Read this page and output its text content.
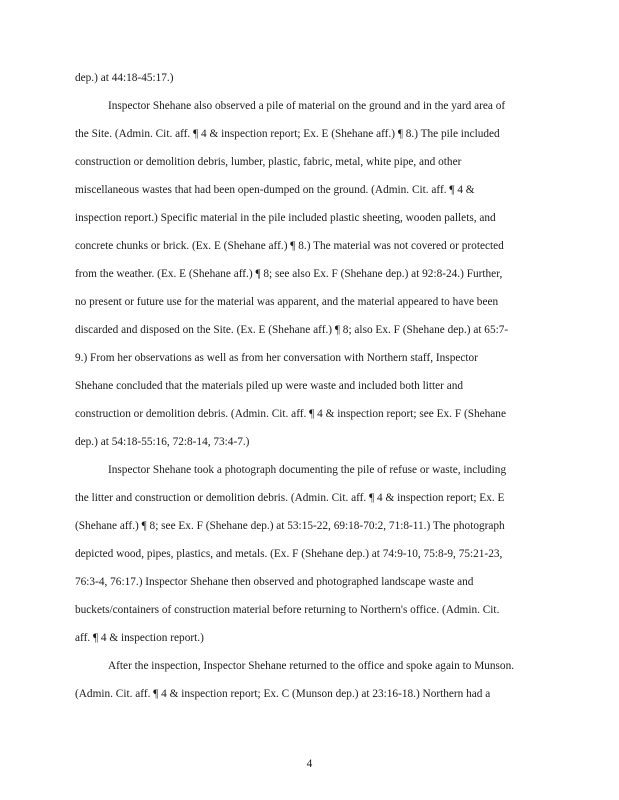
dep.) at 44:18-45:17.)
Inspector Shehane also observed a pile of material on the ground and in the yard area of
the Site. (Admin. Cit. aff. ¶ 4 & inspection report; Ex. E (Shehane aff.) ¶ 8.) The pile included
construction or demolition debris, lumber, plastic, fabric, metal, white pipe, and other
miscellaneous wastes that had been open-dumped on the ground. (Admin. Cit. aff. ¶ 4 &
inspection report.) Specific material in the pile included plastic sheeting, wooden pallets, and
concrete chunks or brick. (Ex. E (Shehane aff.) ¶ 8.) The material was not covered or protected
from the weather. (Ex. E (Shehane aff.) ¶ 8; see also Ex. F (Shehane dep.) at 92:8-24.) Further,
no present or future use for the material was apparent, and the material appeared to have been
discarded and disposed on the Site. (Ex. E (Shehane aff.) ¶ 8; also Ex. F (Shehane dep.) at 65:7-
9.) From her observations as well as from her conversation with Northern staff, Inspector
Shehane concluded that the materials piled up were waste and included both litter and
construction or demolition debris. (Admin. Cit. aff. ¶ 4 & inspection report; see Ex. F (Shehane
dep.) at 54:18-55:16, 72:8-14, 73:4-7.)
Inspector Shehane took a photograph documenting the pile of refuse or waste, including
the litter and construction or demolition debris. (Admin. Cit. aff. ¶ 4 & inspection report; Ex. E
(Shehane aff.) ¶ 8; see Ex. F (Shehane dep.) at 53:15-22, 69:18-70:2, 71:8-11.) The photograph
depicted wood, pipes, plastics, and metals. (Ex. F (Shehane dep.) at 74:9-10, 75:8-9, 75:21-23,
76:3-4, 76:17.) Inspector Shehane then observed and photographed landscape waste and
buckets/containers of construction material before returning to Northern's office. (Admin. Cit.
aff. ¶ 4 & inspection report.)
After the inspection, Inspector Shehane returned to the office and spoke again to Munson.
(Admin. Cit. aff. ¶ 4 & inspection report; Ex. C (Munson dep.) at 23:16-18.) Northern had a
4
